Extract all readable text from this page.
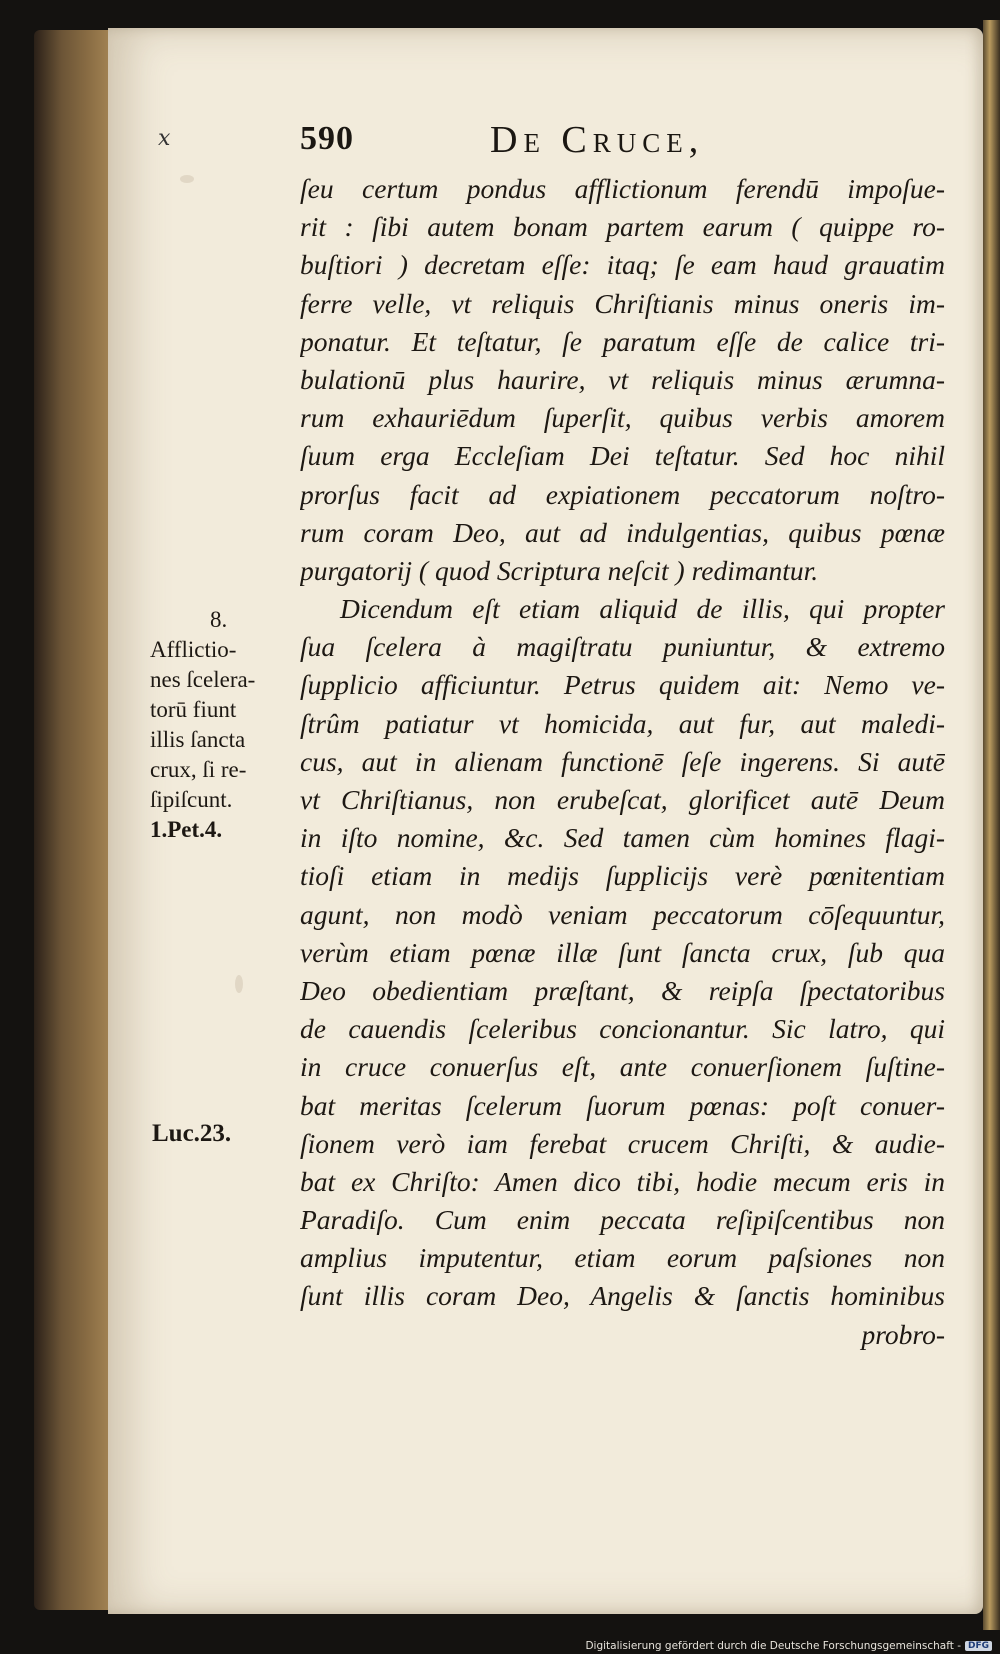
x	590	De Cruce,
ſeu certum pondus afflictionum ferendū impoſue-
rit : ſibi autem bonam partem earum ( quippe ro-
buſtiori ) decretam eſſe: itaq; ſe eam haud grauatim
ferre velle, vt reliquis Chriſtianis minus oneris im-
ponatur. Et teſtatur, ſe paratum eſſe de calice tri-
bulationū plus haurire, vt reliquis minus ærumna-
rum exhauriēdum ſuperſit, quibus verbis amorem
ſuum erga Eccleſiam Dei teſtatur. Sed hoc nihil
prorſus facit ad expiationem peccatorum noſtro-
rum coram Deo, aut ad indulgentias, quibus pœnæ
purgatorij ( quod Scriptura neſcit ) redimantur.
Dicendum eſt etiam aliquid de illis, qui propter
ſua ſcelera à magiſtratu puniuntur, & extremo
ſupplicio afficiuntur. Petrus quidem ait: Nemo ve-
ſtrûm patiatur vt homicida, aut fur, aut maledi-
cus, aut in alienam functionē ſeſe ingerens. Si autē
vt Chriſtianus, non erubeſcat, glorificet autē Deum
in iſto nomine, &c. Sed tamen cùm homines flagi-
tioſi etiam in medijs ſupplicijs verè pœnitentiam
agunt, non modò veniam peccatorum cōſequuntur,
verùm etiam pœnæ illæ ſunt ſancta crux, ſub qua
Deo obedientiam præſtant, & reipſa ſpectatoribus
de cauendis ſceleribus concionantur. Sic latro, qui
in cruce conuerſus eſt, ante conuerſionem ſuſtine-
bat meritas ſcelerum ſuorum pœnas: poſt conuer-
ſionem verò iam ferebat crucem Chriſti, & audie-
bat ex Chriſto: Amen dico tibi, hodie mecum eris in
Paradiſo. Cum enim peccata reſipiſcentibus non
amplius imputentur, etiam eorum paſsiones non
ſunt illis coram Deo, Angelis & ſanctis hominibus
probro-
8.
Afflictio-
nes ſcelera-
torū fiunt
illis ſancta
crux, ſi re-
ſipiſcunt.
1.Pet.4.
Luc.23.
Digitalisierung gefördert durch die Deutsche Forschungsgemeinschaft - DFG
